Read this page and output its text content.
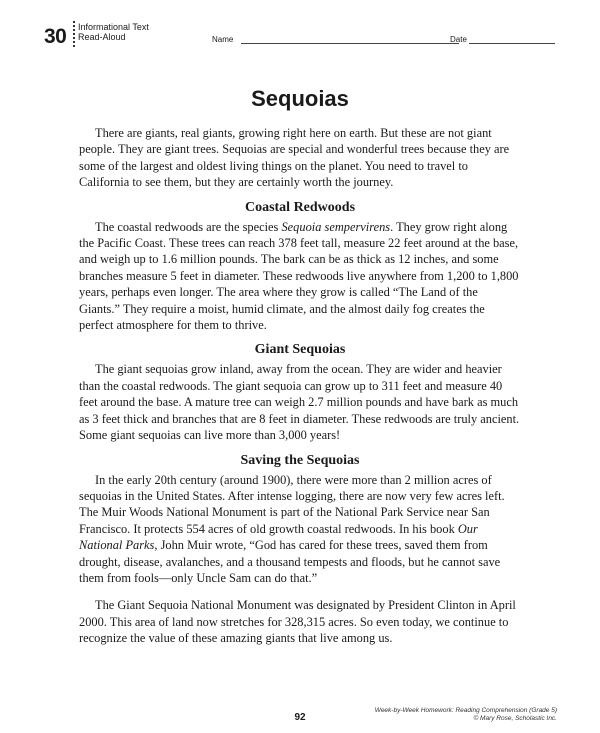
30 Informational Text
Read-Aloud	Name	Date
Sequoias

There are giants, real giants, growing right here on earth. But these are not giant people. They are giant trees. Sequoias are special and wonderful trees because they are some of the largest and oldest living things on the planet. You need to travel to California to see them, but they are certainly worth the journey.

Coastal Redwoods

The coastal redwoods are the species Sequoia sempervirens. They grow right along the Pacific Coast. These trees can reach 378 feet tall, measure 22 feet around at the base, and weigh up to 1.6 million pounds. The bark can be as thick as 12 inches, and some branches measure 5 feet in diameter. These redwoods live anywhere from 1,200 to 1,800 years, perhaps even longer. The area where they grow is called “The Land of the Giants.” They require a moist, humid climate, and the almost daily fog creates the perfect atmosphere for them to thrive.

Giant Sequoias

The giant sequoias grow inland, away from the ocean. They are wider and heavier than the coastal redwoods. The giant sequoia can grow up to 311 feet and measure 40 feet around the base. A mature tree can weigh 2.7 million pounds and have bark as much as 3 feet thick and branches that are 8 feet in diameter. These redwoods are truly ancient. Some giant sequoias can live more than 3,000 years!

Saving the Sequoias

In the early 20th century (around 1900), there were more than 2 million acres of sequoias in the United States. After intense logging, there are now very few acres left. The Muir Woods National Monument is part of the National Park Service near San Francisco. It protects 554 acres of old growth coastal redwoods. In his book Our National Parks, John Muir wrote, “God has cared for these trees, saved them from drought, disease, avalanches, and a thousand tempests and floods, but he cannot save them from fools—only Uncle Sam can do that.”

The Giant Sequoia National Monument was designated by President Clinton in April 2000. This area of land now stretches for 328,315 acres. So even today, we continue to recognize the value of these amazing giants that live among us.

92
Week-by-Week Homework: Reading Comprehension (Grade 5)
© Mary Rose, Scholastic Inc.
